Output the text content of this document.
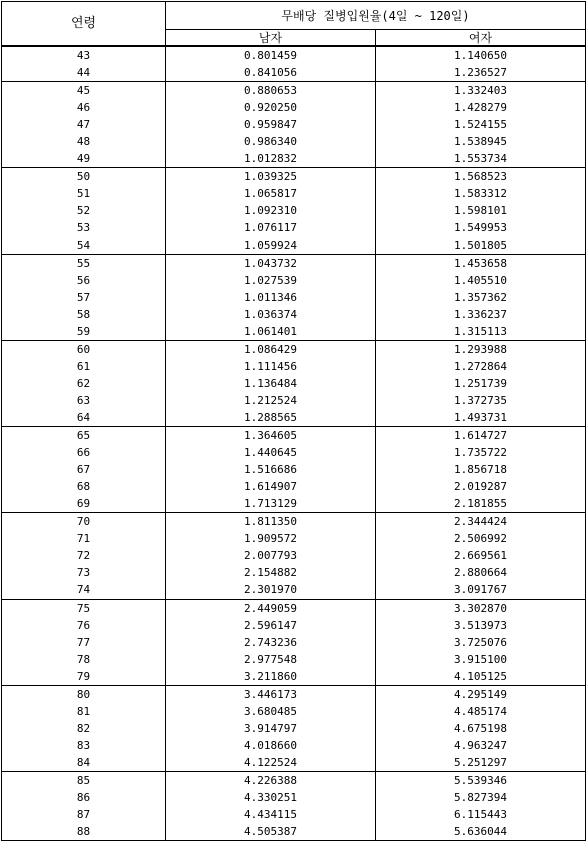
연령	무배당 질병입원율(4일 ~ 120일)	
	남자	여자
43	0.801459	1.140650
44	0.841056	1.236527
45	0.880653	1.332403
46	0.920250	1.428279
47	0.959847	1.524155
48	0.986340	1.538945
49	1.012832	1.553734
50	1.039325	1.568523
51	1.065817	1.583312
52	1.092310	1.598101
53	1.076117	1.549953
54	1.059924	1.501805
55	1.043732	1.453658
56	1.027539	1.405510
57	1.011346	1.357362
58	1.036374	1.336237
59	1.061401	1.315113
60	1.086429	1.293988
61	1.111456	1.272864
62	1.136484	1.251739
63	1.212524	1.372735
64	1.288565	1.493731
65	1.364605	1.614727
66	1.440645	1.735722
67	1.516686	1.856718
68	1.614907	2.019287
69	1.713129	2.181855
70	1.811350	2.344424
71	1.909572	2.506992
72	2.007793	2.669561
73	2.154882	2.880664
74	2.301970	3.091767
75	2.449059	3.302870
76	2.596147	3.513973
77	2.743236	3.725076
78	2.977548	3.915100
79	3.211860	4.105125
80	3.446173	4.295149
81	3.680485	4.485174
82	3.914797	4.675198
83	4.018660	4.963247
84	4.122524	5.251297
85	4.226388	5.539346
86	4.330251	5.827394
87	4.434115	6.115443
88	4.505387	5.636044
